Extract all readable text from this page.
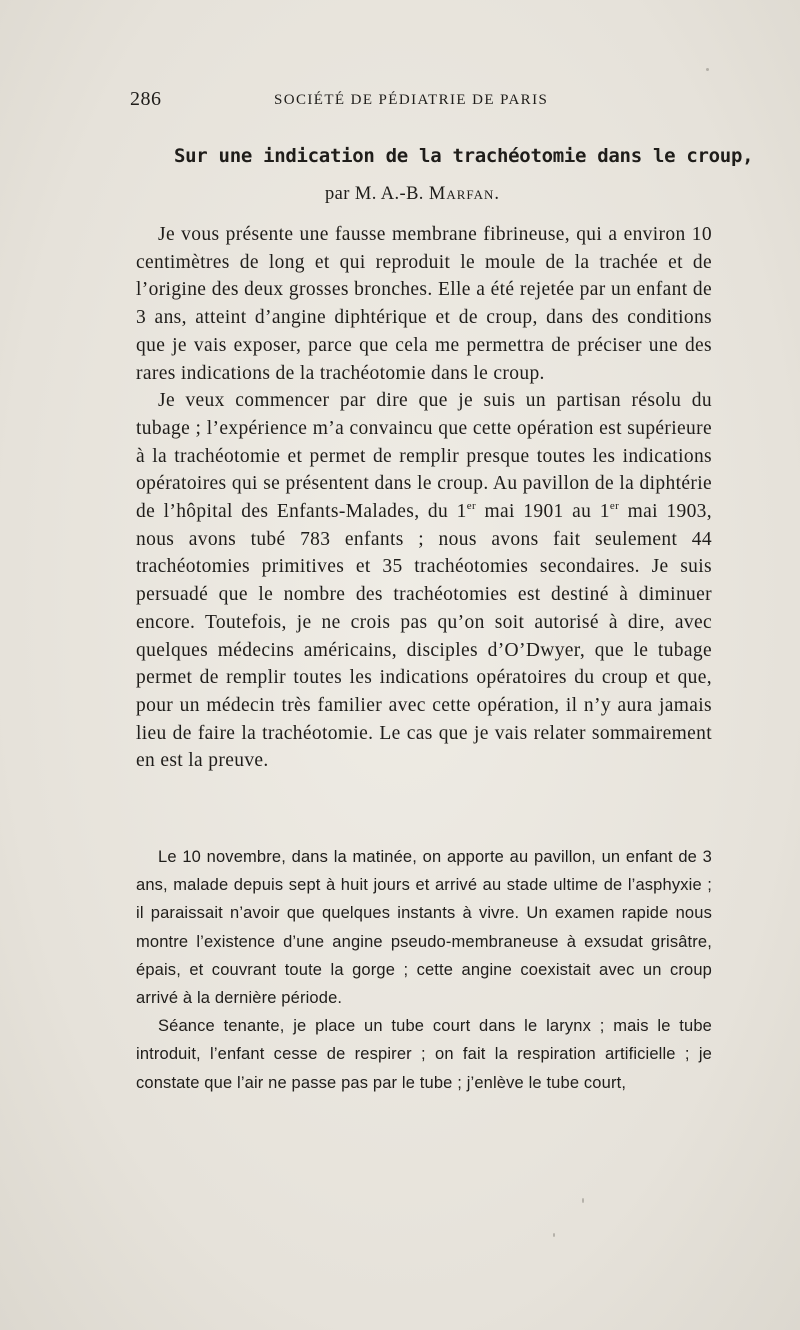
286	SOCIÉTÉ DE PÉDIATRIE DE PARIS
Sur une indication de la trachéotomie dans le croup,
par M. A.-B. Marfan.

Je vous présente une fausse membrane fibrineuse, qui a environ 10 centimètres de long et qui reproduit le moule de la trachée et de l’origine des deux grosses bronches. Elle a été rejetée par un enfant de 3 ans, atteint d’angine diphtérique et de croup, dans des conditions que je vais exposer, parce que cela me permettra de préciser une des rares indications de la trachéotomie dans le croup.

Je veux commencer par dire que je suis un partisan résolu du tubage ; l’expérience m’a convaincu que cette opération est supérieure à la trachéotomie et permet de remplir presque toutes les indications opératoires qui se présentent dans le croup. Au pavillon de la diphtérie de l’hôpital des Enfants-Malades, du 1er mai 1901 au 1er mai 1903, nous avons tubé 783 enfants ; nous avons fait seulement 44 trachéotomies primitives et 35 trachéotomies secondaires. Je suis persuadé que le nombre des trachéotomies est destiné à diminuer encore. Toutefois, je ne crois pas qu’on soit autorisé à dire, avec quelques médecins américains, disciples d’O’Dwyer, que le tubage permet de remplir toutes les indications opératoires du croup et que, pour un médecin très familier avec cette opération, il n’y aura jamais lieu de faire la trachéotomie. Le cas que je vais relater sommairement en est la preuve.

Le 10 novembre, dans la matinée, on apporte au pavillon, un enfant de 3 ans, malade depuis sept à huit jours et arrivé au stade ultime de l’asphyxie ; il paraissait n’avoir que quelques instants à vivre. Un examen rapide nous montre l’existence d’une angine pseudo-membraneuse à exsudat grisâtre, épais, et couvrant toute la gorge ; cette angine coexistait avec un croup arrivé à la dernière période.

Séance tenante, je place un tube court dans le larynx ; mais le tube introduit, l’enfant cesse de respirer ; on fait la respiration artificielle ; je constate que l’air ne passe pas par le tube ; j’enlève le tube court,
